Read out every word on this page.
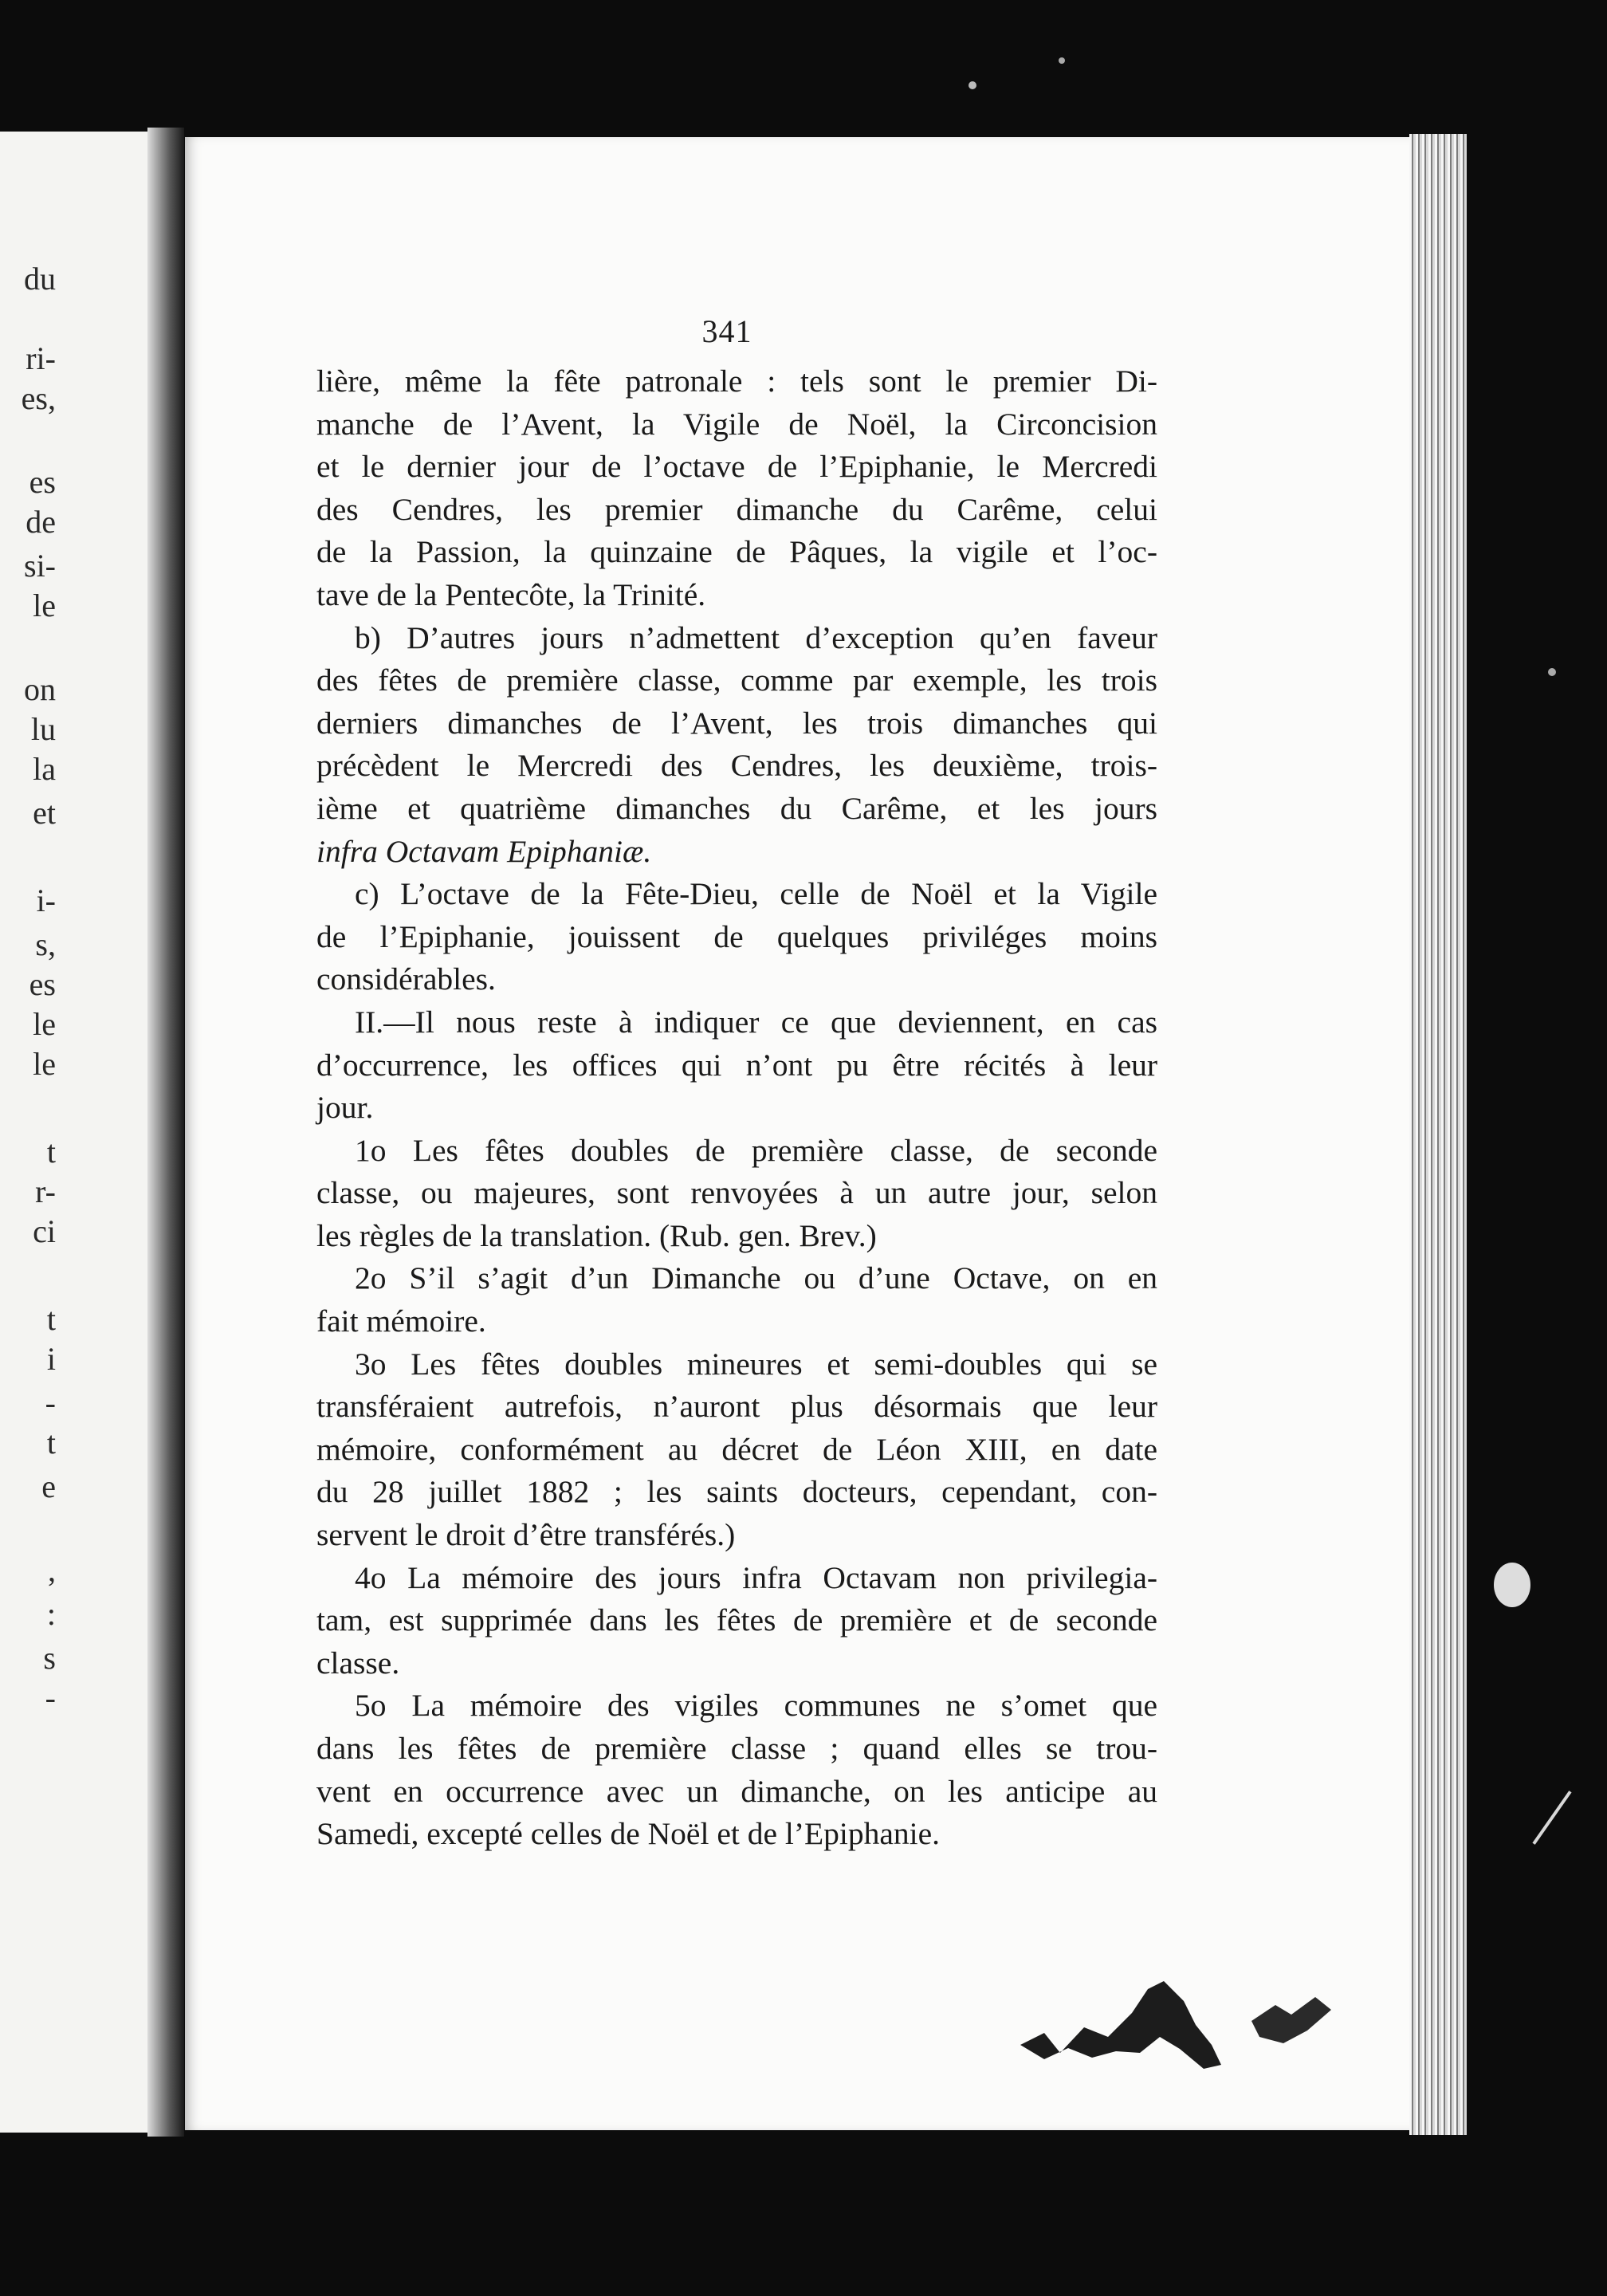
du
ri-
es,
es
de
si-
le
on
lu
la
et
i-
s,
es
le
le
t
r-
ci
t
i
-
t
e
,
:
s
-
341
lière, même la fête patronale : tels sont le premier Di-
manche de l’Avent, la Vigile de Noël, la Circoncision
et le dernier jour de l’octave de l’Epiphanie, le Mercredi
des Cendres, les premier dimanche du Carême, celui
de la Passion, la quinzaine de Pâques, la vigile et l’oc-
tave de la Pentecôte, la Trinité.
b) D’autres jours n’admettent d’exception qu’en faveur
des fêtes de première classe, comme par exemple, les trois
derniers dimanches de l’Avent, les trois dimanches qui
précèdent le Mercredi des Cendres, les deuxième, trois-
ième et quatrième dimanches du Carême, et les jours
infra Octavam Epiphaniæ.
c) L’octave de la Fête-Dieu, celle de Noël et la Vigile
de l’Epiphanie, jouissent de quelques priviléges moins
considérables.
II.—Il nous reste à indiquer ce que deviennent, en cas
d’occurrence, les offices qui n’ont pu être récités à leur
jour.
1o Les fêtes doubles de première classe, de seconde
classe, ou majeures, sont renvoyées à un autre jour, selon
les règles de la translation. (Rub. gen. Brev.)
2o S’il s’agit d’un Dimanche ou d’une Octave, on en
fait mémoire.
3o Les fêtes doubles mineures et semi-doubles qui se
transféraient autrefois, n’auront plus désormais que leur
mémoire, conformément au décret de Léon XIII, en date
du 28 juillet 1882 ; les saints docteurs, cependant, con-
servent le droit d’être transférés.)
4o La mémoire des jours infra Octavam non privilegia-
tam, est supprimée dans les fêtes de première et de seconde
classe.
5o La mémoire des vigiles communes ne s’omet que
dans les fêtes de première classe ; quand elles se trou-
vent en occurrence avec un dimanche, on les anticipe au
Samedi, excepté celles de Noël et de l’Epiphanie.
